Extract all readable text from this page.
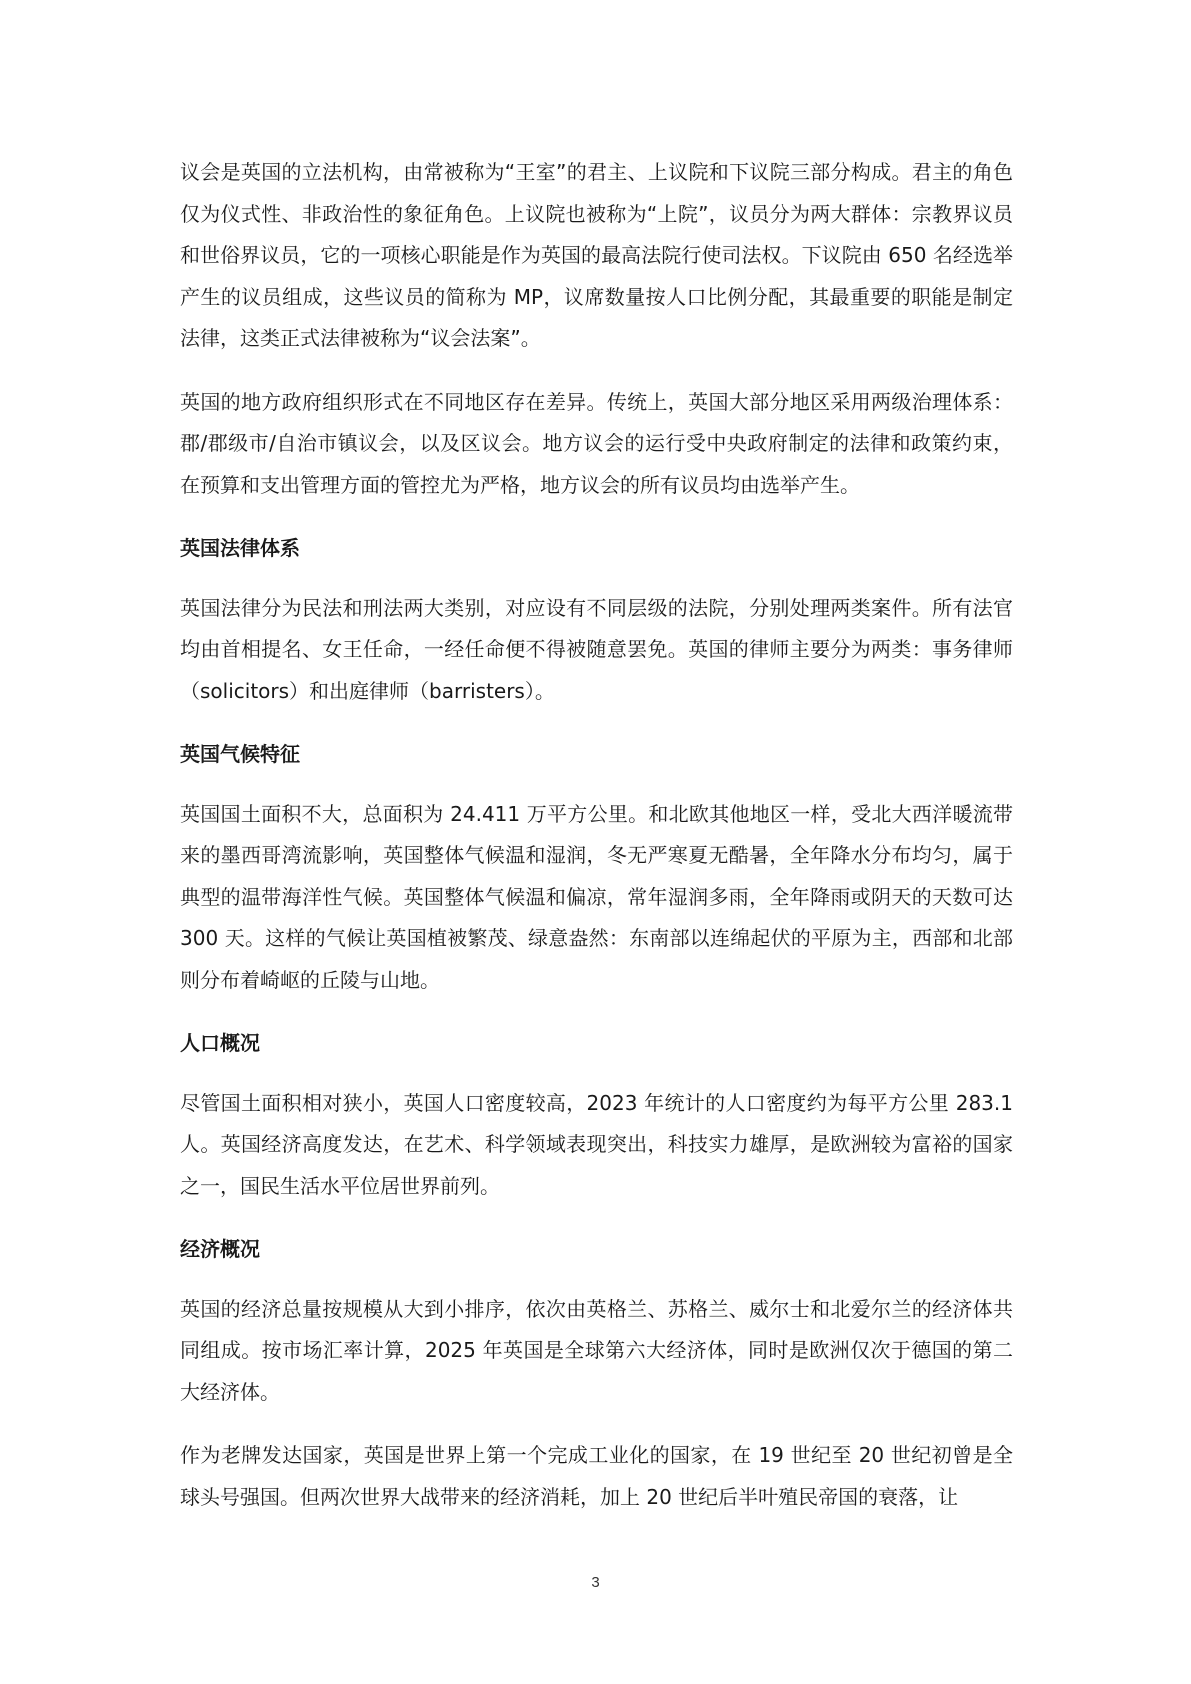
议会是英国的立法机构，由常被称为“王室”的君主、上议院和下议院三部分构成。君主的角色仅为仪式性、非政治性的象征角色。上议院也被称为“上院”，议员分为两大群体：宗教界议员和世俗界议员，它的一项核心职能是作为英国的最高法院行使司法权。下议院由 650 名经选举产生的议员组成，这些议员的简称为 MP，议席数量按人口比例分配，其最重要的职能是制定法律，这类正式法律被称为“议会法案”。

英国的地方政府组织形式在不同地区存在差异。传统上，英国大部分地区采用两级治理体系：郡/郡级市/自治市镇议会，以及区议会。地方议会的运行受中央政府制定的法律和政策约束，在预算和支出管理方面的管控尤为严格，地方议会的所有议员均由选举产生。

英国法律体系

英国法律分为民法和刑法两大类别，对应设有不同层级的法院，分别处理两类案件。所有法官均由首相提名、女王任命，一经任命便不得被随意罢免。英国的律师主要分为两类：事务律师（solicitors）和出庭律师（barristers）。

英国气候特征

英国国土面积不大，总面积为 24.411 万平方公里。和北欧其他地区一样，受北大西洋暖流带来的墨西哥湾流影响，英国整体气候温和湿润，冬无严寒夏无酷暑，全年降水分布均匀，属于典型的温带海洋性气候。英国整体气候温和偏凉，常年湿润多雨，全年降雨或阴天的天数可达 300 天。这样的气候让英国植被繁茂、绿意盎然：东南部以连绵起伏的平原为主，西部和北部则分布着崎岖的丘陵与山地。

人口概况

尽管国土面积相对狭小，英国人口密度较高，2023 年统计的人口密度约为每平方公里 283.1 人。英国经济高度发达，在艺术、科学领域表现突出，科技实力雄厚，是欧洲较为富裕的国家之一，国民生活水平位居世界前列。

经济概况

英国的经济总量按规模从大到小排序，依次由英格兰、苏格兰、威尔士和北爱尔兰的经济体共同组成。按市场汇率计算，2025 年英国是全球第六大经济体，同时是欧洲仅次于德国的第二大经济体。

作为老牌发达国家，英国是世界上第一个完成工业化的国家，在 19 世纪至 20 世纪初曾是全球头号强国。但两次世界大战带来的经济消耗，加上 20 世纪后半叶殖民帝国的衰落，让

3
